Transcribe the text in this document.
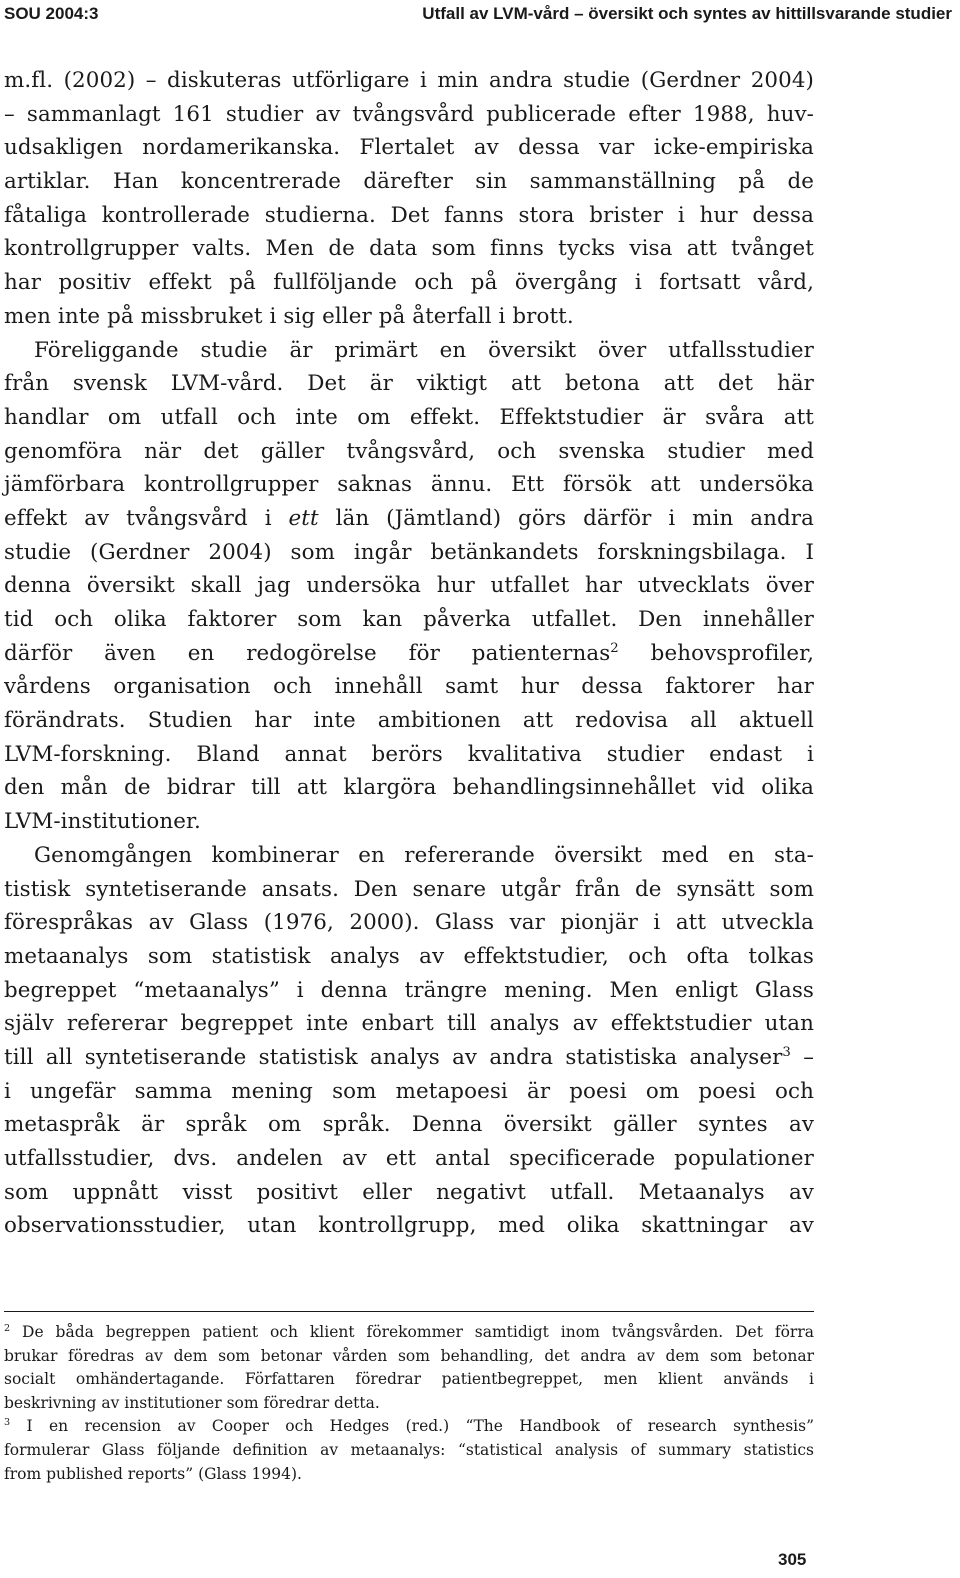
SOU 2004:3	Utfall av LVM-vård – översikt och syntes av hittillsvarande studier
m.fl. (2002) – diskuteras utförligare i min andra studie (Gerdner 2004)
– sammanlagt 161 studier av tvångsvård publicerade efter 1988, huv-
udsakligen nordamerikanska. Flertalet av dessa var icke-empiriska
artiklar. Han koncentrerade därefter sin sammanställning på de
fåtaliga kontrollerade studierna. Det fanns stora brister i hur dessa
kontrollgrupper valts. Men de data som finns tycks visa att tvånget
har positiv effekt på fullföljande och på övergång i fortsatt vård,
men inte på missbruket i sig eller på återfall i brott.
Föreliggande studie är primärt en översikt över utfallsstudier
från svensk LVM-vård. Det är viktigt att betona att det här
handlar om utfall och inte om effekt. Effektstudier är svåra att
genomföra när det gäller tvångsvård, och svenska studier med
jämförbara kontrollgrupper saknas ännu. Ett försök att undersöka
effekt av tvångsvård i ett län (Jämtland) görs därför i min andra
studie (Gerdner 2004) som ingår betänkandets forskningsbilaga. I
denna översikt skall jag undersöka hur utfallet har utvecklats över
tid och olika faktorer som kan påverka utfallet. Den innehåller
därför även en redogörelse för patienternas$^2$ behovsprofiler,
vårdens organisation och innehåll samt hur dessa faktorer har
förändrats. Studien har inte ambitionen att redovisa all aktuell
LVM-forskning. Bland annat berörs kvalitativa studier endast i
den mån de bidrar till att klargöra behandlingsinnehållet vid olika
LVM-institutioner.
Genomgången kombinerar en refererande översikt med en sta-
tistisk syntetiserande ansats. Den senare utgår från de synsätt som
förespråkas av Glass (1976, 2000). Glass var pionjär i att utveckla
metaanalys som statistisk analys av effektstudier, och ofta tolkas
begreppet “metaanalys” i denna trängre mening. Men enligt Glass
själv refererar begreppet inte enbart till analys av effektstudier utan
till all syntetiserande statistisk analys av andra statistiska analyser$^3$ –
i ungefär samma mening som metapoesi är poesi om poesi och
metaspråk är språk om språk. Denna översikt gäller syntes av
utfallsstudier, dvs. andelen av ett antal specificerade populationer
som uppnått visst positivt eller negativt utfall. Metaanalys av
observationsstudier, utan kontrollgrupp, med olika skattningar av
$^2$ De båda begreppen patient och klient förekommer samtidigt inom tvångsvården. Det förra
brukar föredras av dem som betonar vården som behandling, det andra av dem som betonar
socialt omhändertagande. Författaren föredrar patientbegreppet, men klient används i
beskrivning av institutioner som föredrar detta.
$^3$ I en recension av Cooper och Hedges (red.) “The Handbook of research synthesis”
formulerar Glass följande definition av metaanalys: “statistical analysis of summary statistics
from published reports” (Glass 1994).
305
